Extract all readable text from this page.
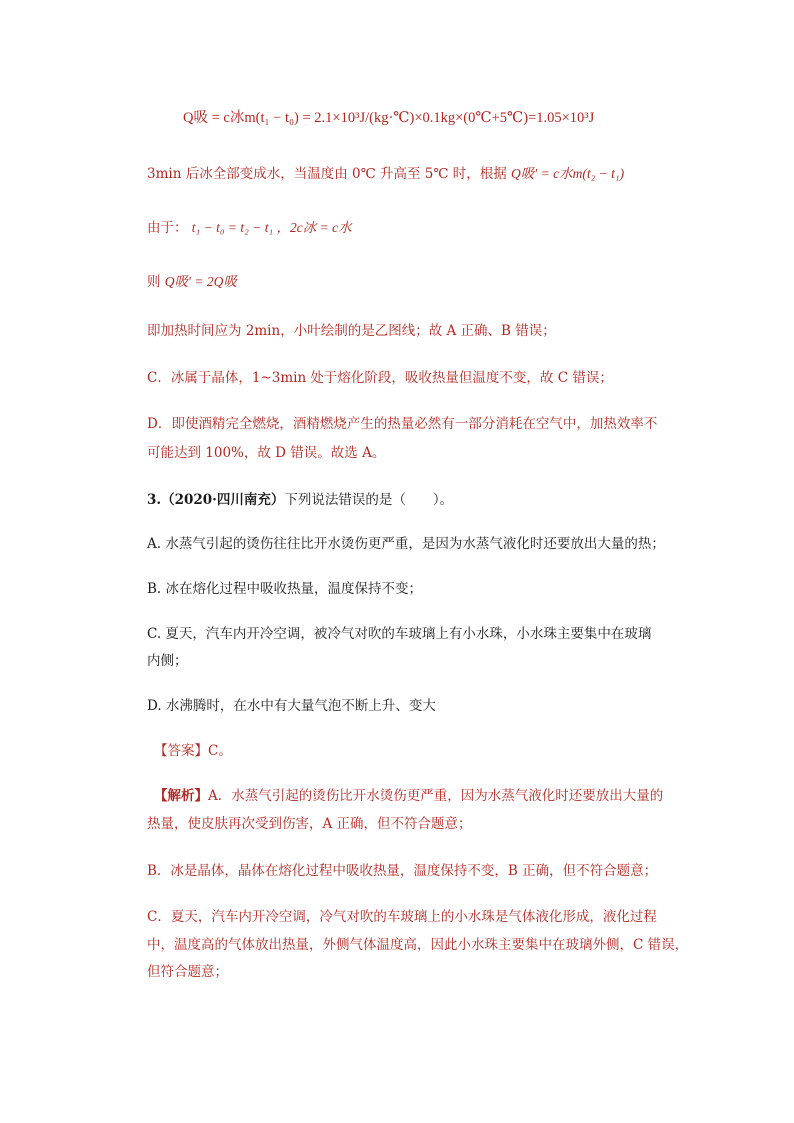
Q吸 = c冰m(t₁ − t₀) = 2.1×10³J/(kg·℃)×0.1kg×(0℃+5℃)=1.05×10³J
3min 后冰全部变成水，当温度由 0℃ 升高至 5℃ 时，根据 Q吸′ = c水m(t₂ − t₁)
由于： t₁ − t₀ = t₂ − t₁ ，2c冰 = c水
则 Q吸′ = 2Q吸
即加热时间应为 2min，小叶绘制的是乙图线；故 A 正确、B 错误；
C．冰属于晶体，1~3min 处于熔化阶段，吸收热量但温度不变，故 C 错误；
D．即使酒精完全燃烧，酒精燃烧产生的热量必然有一部分消耗在空气中，加热效率不
可能达到 100%，故 D 错误。故选 A。
3.（2020·四川南充）下列说法错误的是（　　）。
A. 水蒸气引起的烫伤往往比开水烫伤更严重，是因为水蒸气液化时还要放出大量的热；
B. 冰在熔化过程中吸收热量，温度保持不变；
C. 夏天，汽车内开冷空调，被冷气对吹的车玻璃上有小水珠，小水珠主要集中在玻璃
内侧；
D. 水沸腾时，在水中有大量气泡不断上升、变大
【答案】C。
【解析】A．水蒸气引起的烫伤比开水烫伤更严重，因为水蒸气液化时还要放出大量的
热量，使皮肤再次受到伤害，A 正确，但不符合题意；
B．冰是晶体，晶体在熔化过程中吸收热量，温度保持不变，B 正确，但不符合题意；
C．夏天，汽车内开冷空调，冷气对吹的车玻璃上的小水珠是气体液化形成，液化过程
中，温度高的气体放出热量，外侧气体温度高，因此小水珠主要集中在玻璃外侧，C 错误，
但符合题意；
